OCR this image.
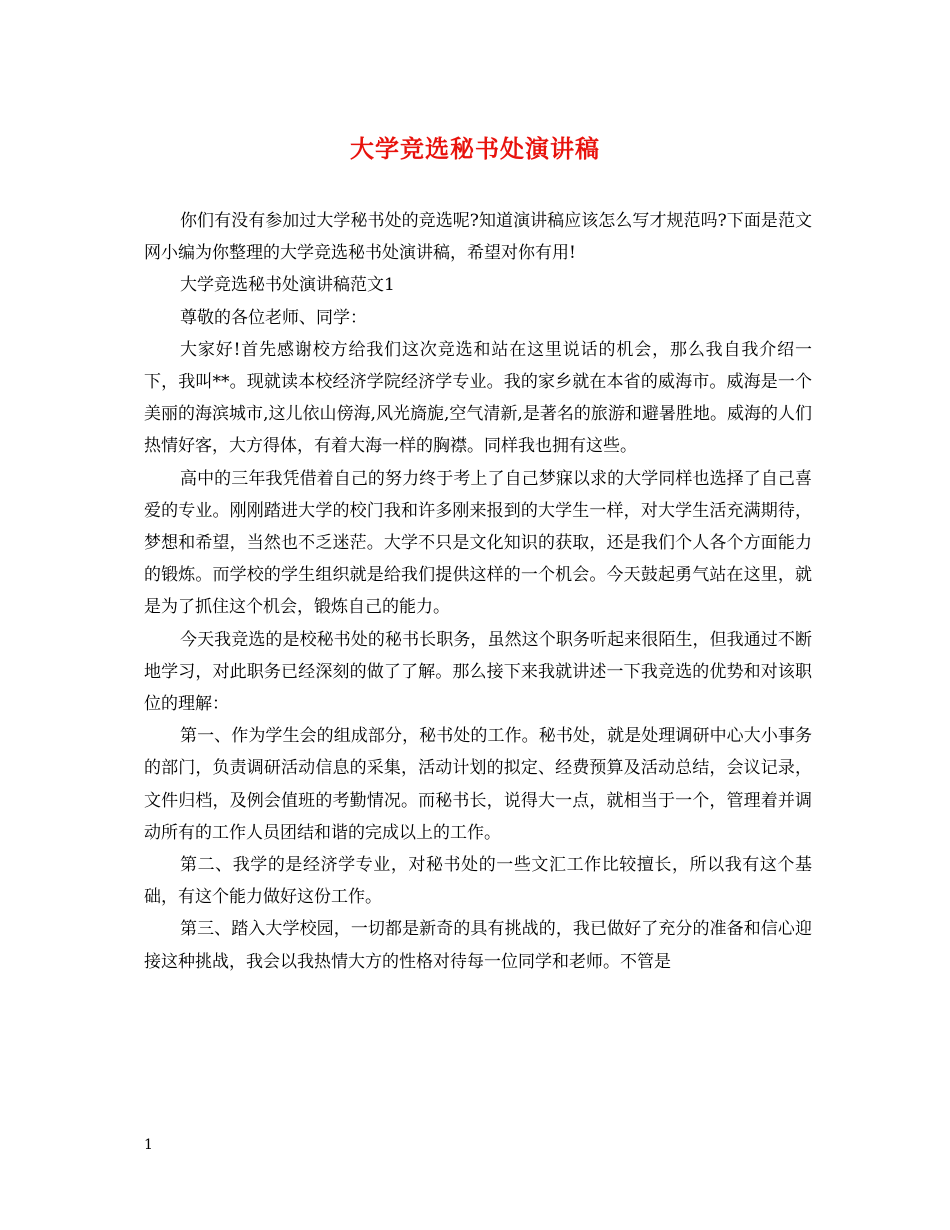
大学竞选秘书处演讲稿

你们有没有参加过大学秘书处的竞选呢?知道演讲稿应该怎么写才规范吗?下面是范文网小编为你整理的大学竞选秘书处演讲稿，希望对你有用!

大学竞选秘书处演讲稿范文1

尊敬的各位老师、同学：

大家好!首先感谢校方给我们这次竞选和站在这里说话的机会，那么我自我介绍一下，我叫**。现就读本校经济学院经济学专业。我的家乡就在本省的威海市。威海是一个美丽的海滨城市,这儿依山傍海,风光旖旎,空气清新,是著名的旅游和避暑胜地。威海的人们热情好客，大方得体，有着大海一样的胸襟。同样我也拥有这些。

高中的三年我凭借着自己的努力终于考上了自己梦寐以求的大学同样也选择了自己喜爱的专业。刚刚踏进大学的校门我和许多刚来报到的大学生一样，对大学生活充满期待，梦想和希望，当然也不乏迷茫。大学不只是文化知识的获取，还是我们个人各个方面能力的锻炼。而学校的学生组织就是给我们提供这样的一个机会。今天鼓起勇气站在这里，就是为了抓住这个机会，锻炼自己的能力。

今天我竞选的是校秘书处的秘书长职务，虽然这个职务听起来很陌生，但我通过不断地学习，对此职务已经深刻的做了了解。那么接下来我就讲述一下我竞选的优势和对该职位的理解：

第一、作为学生会的组成部分，秘书处的工作。秘书处，就是处理调研中心大小事务的部门，负责调研活动信息的采集，活动计划的拟定、经费预算及活动总结，会议记录，文件归档，及例会值班的考勤情况。而秘书长，说得大一点，就相当于一个，管理着并调动所有的工作人员团结和谐的完成以上的工作。

第二、我学的是经济学专业，对秘书处的一些文汇工作比较擅长，所以我有这个基础，有这个能力做好这份工作。

第三、踏入大学校园，一切都是新奇的具有挑战的，我已做好了充分的准备和信心迎接这种挑战，我会以我热情大方的性格对待每一位同学和老师。不管是

1
